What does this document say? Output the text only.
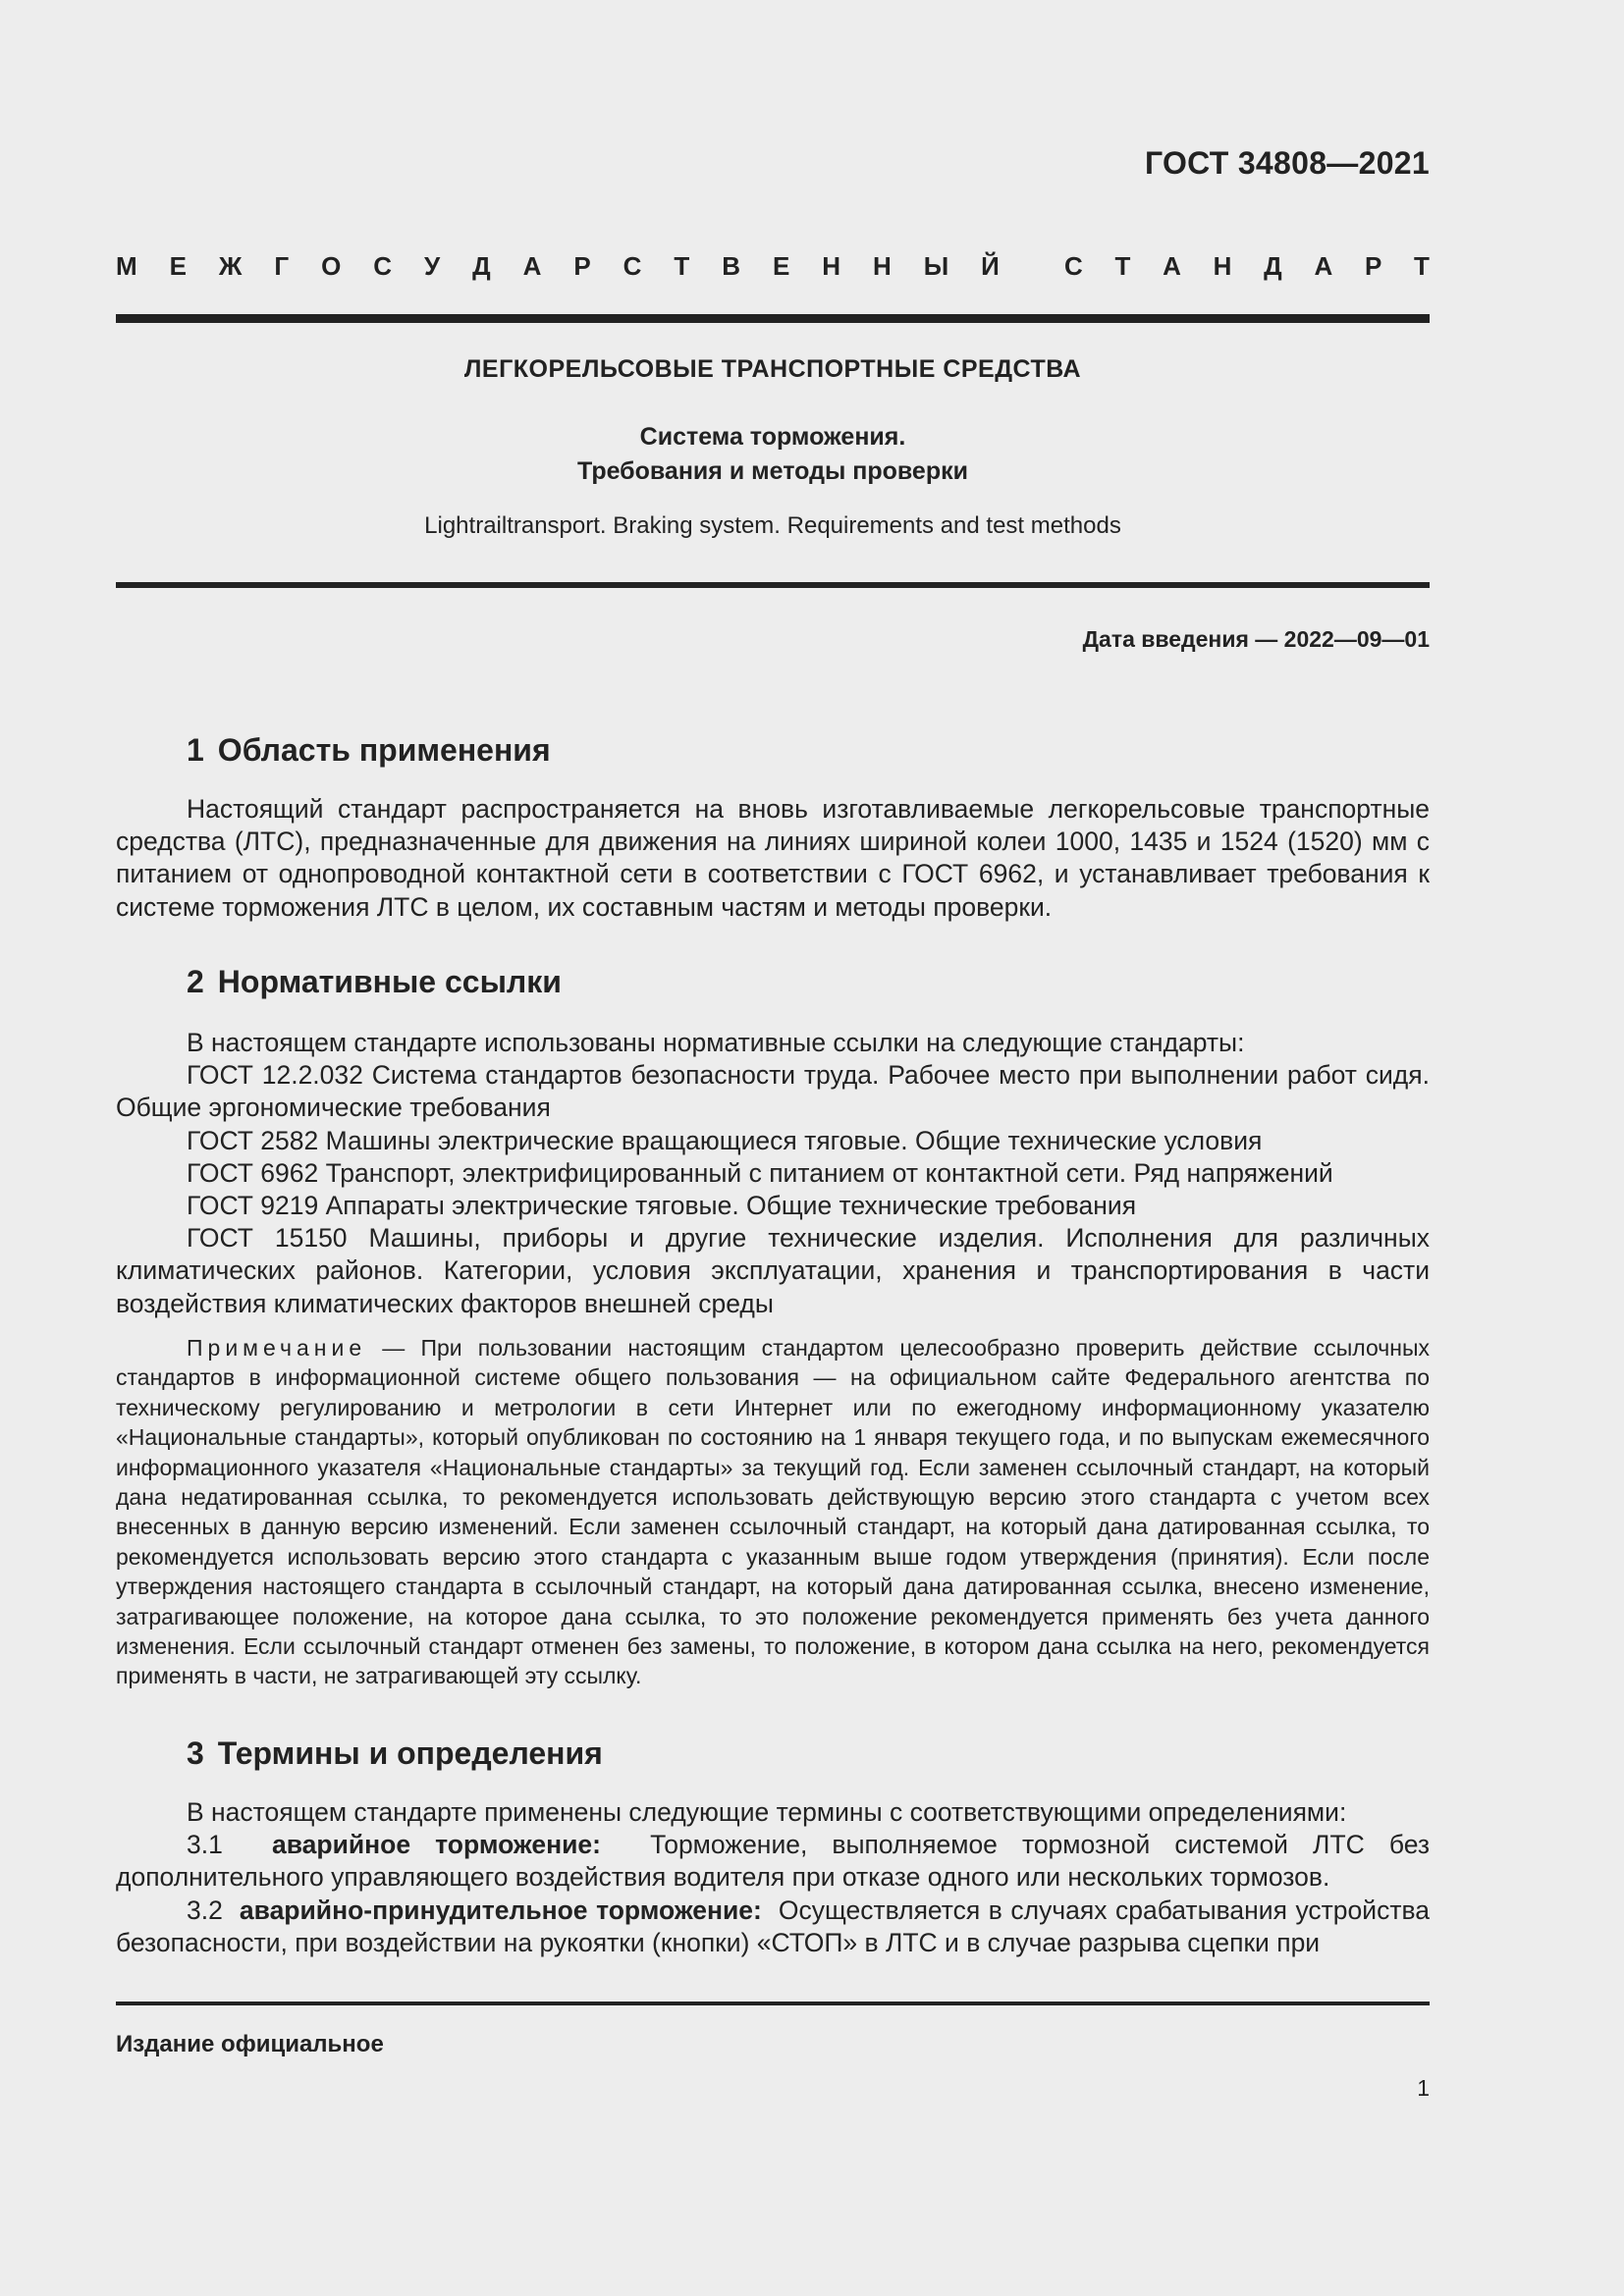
ГОСТ 34808—2021
М Е Ж Г О С У Д А Р С Т В Е Н Н Ы Й	С Т А Н Д А Р Т
ЛЕГКОРЕЛЬСОВЫЕ ТРАНСПОРТНЫЕ СРЕДСТВА
Система торможения.
Требования и методы проверки
Lightrailtransport. Braking system. Requirements and test methods
Дата введения — 2022—09—01
1 Область применения

Настоящий стандарт распространяется на вновь изготавливаемые легкорельсовые транспортные средства (ЛТС), предназначенные для движения на линиях шириной колеи 1000, 1435 и 1524 (1520) мм с питанием от однопроводной контактной сети в соответствии с ГОСТ 6962, и устанавливает требования к системе торможения ЛТС в целом, их составным частям и методы проверки.

2 Нормативные ссылки

В настоящем стандарте использованы нормативные ссылки на следующие стандарты:

ГОСТ 12.2.032 Система стандартов безопасности труда. Рабочее место при выполнении работ сидя. Общие эргономические требования

ГОСТ 2582 Машины электрические вращающиеся тяговые. Общие технические условия

ГОСТ 6962 Транспорт, электрифицированный с питанием от контактной сети. Ряд напряжений

ГОСТ 9219 Аппараты электрические тяговые. Общие технические требования

ГОСТ 15150 Машины, приборы и другие технические изделия. Исполнения для различных климатических районов. Категории, условия эксплуатации, хранения и транспортирования в части воздействия климатических факторов внешней среды

Примечание — При пользовании настоящим стандартом целесообразно проверить действие ссылочных стандартов в информационной системе общего пользования — на официальном сайте Федерального агентства по техническому регулированию и метрологии в сети Интернет или по ежегодному информационному указателю «Национальные стандарты», который опубликован по состоянию на 1 января текущего года, и по выпускам ежемесячного информационного указателя «Национальные стандарты» за текущий год. Если заменен ссылочный стандарт, на который дана недатированная ссылка, то рекомендуется использовать действующую версию этого стандарта с учетом всех внесенных в данную версию изменений. Если заменен ссылочный стандарт, на который дана датированная ссылка, то рекомендуется использовать версию этого стандарта с указанным выше годом утверждения (принятия). Если после утверждения настоящего стандарта в ссылочный стандарт, на который дана датированная ссылка, внесено изменение, затрагивающее положение, на которое дана ссылка, то это положение рекомендуется применять без учета данного изменения. Если ссылочный стандарт отменен без замены, то положение, в котором дана ссылка на него, рекомендуется применять в части, не затрагивающей эту ссылку.

3 Термины и определения

В настоящем стандарте применены следующие термины с соответствующими определениями:

3.1 аварийное торможение: Торможение, выполняемое тормозной системой ЛТС без дополнительного управляющего воздействия водителя при отказе одного или нескольких тормозов.

3.2 аварийно-принудительное торможение: Осуществляется в случаях срабатывания устройства безопасности, при воздействии на рукоятки (кнопки) «СТОП» в ЛТС и в случае разрыва сцепки при

Издание официальное
1
